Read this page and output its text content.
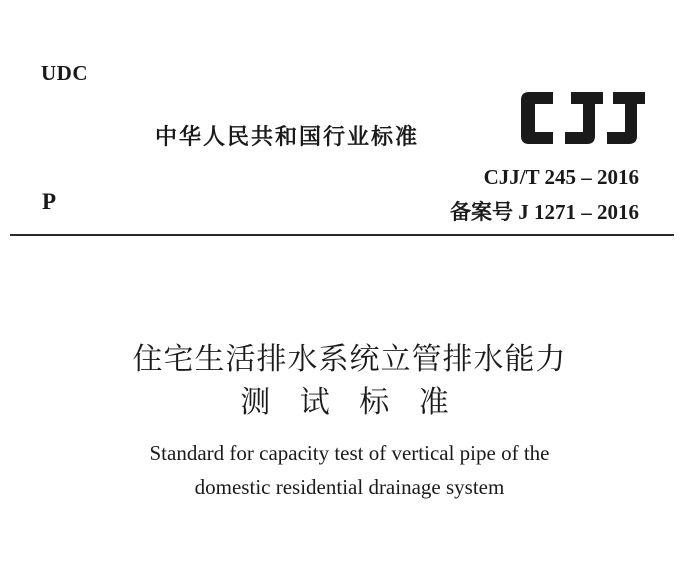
UDC
中华人民共和国行业标准
CJJ/T 245 – 2016
P	备案号 J 1271 – 2016
住宅生活排水系统立管排水能力
测 试 标 准
Standard for capacity test of vertical pipe of the
domestic residential drainage system
